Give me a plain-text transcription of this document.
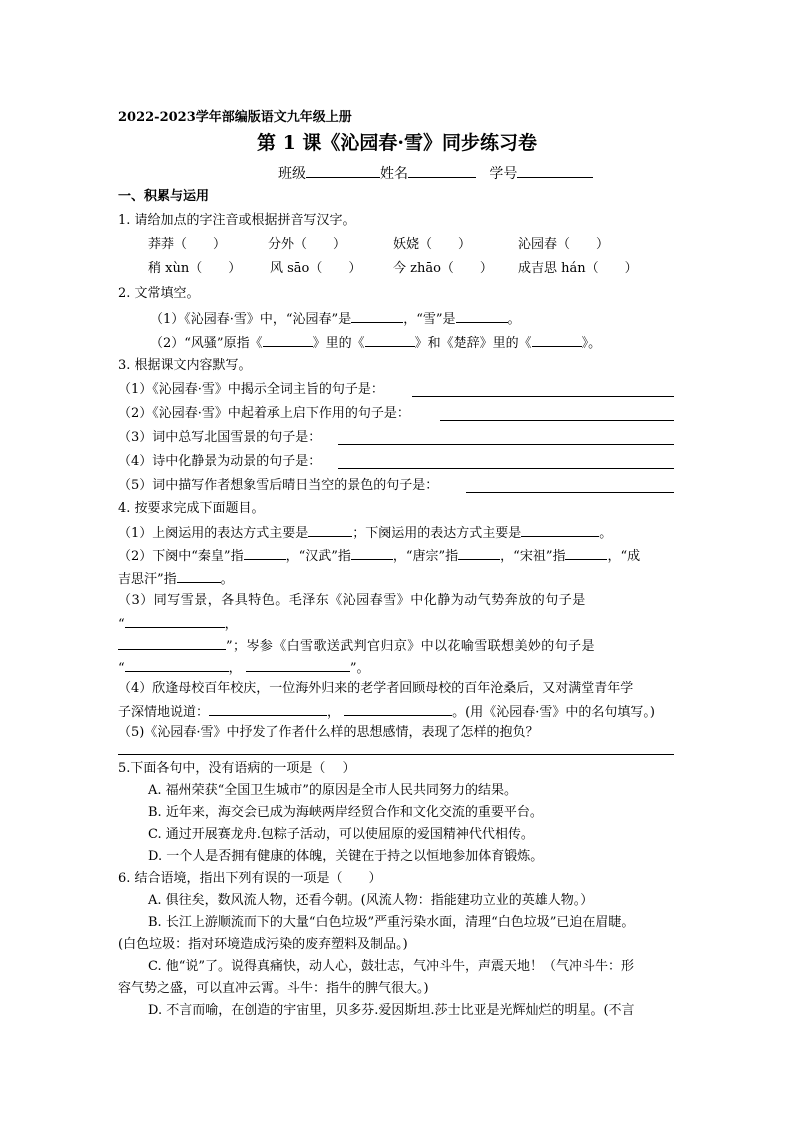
2022-2023学年部编版语文九年级上册
第 1 课《沁园春·雪》同步练习卷
班级	姓名	学号
一、积累与运用
1. 请给加点的字注音或根据拼音写汉字。
莽莽（　　）	分外（　　）	妖娆（　　）	沁园春（　　）
稍 xùn（　　） 风 sāo（　　） 今 zhāo（　　） 成吉思 hán（　　）
2. 文常填空。
（1）《沁园春·雪》中，“沁园春”是	，“雪”是	。
（2）“风骚”原指《	》里的《	》和《楚辞》里的《	》。
3. 根据课文内容默写。
（1）《沁园春·雪》中揭示全词主旨的句子是：
（2）《沁园春·雪》中起着承上启下作用的句子是：
（3）词中总写北国雪景的句子是：
（4）诗中化静景为动景的句子是：
（5）词中描写作者想象雪后晴日当空的景色的句子是：
4. 按要求完成下面题目。
（1）上阕运用的表达方式主要是	；下阕运用的表达方式主要是	。
（2）下阕中“秦皇”指	，“汉武”指	，“唐宗”指	，“宋祖”指	，“成
吉思汗”指	。
（3）同写雪景，各具特色。毛泽东《沁园春雪》中化静为动气势奔放的句子是
“	，
”；岑参《白雪歌送武判官归京》中以花喻雪联想美妙的句子是
“	，	”。
（4）欣逢母校百年校庆，一位海外归来的老学者回顾母校的百年沧桑后，又对满堂青年学
子深情地说道：	，	。(用《沁园春·雪》中的名句填写。)
（5)《沁园春·雪》中抒发了作者什么样的思想感情，表现了怎样的抱负？
5.下面各句中，没有语病的一项是（　 ）
A. 福州荣获“全国卫生城市”的原因是全市人民共同努力的结果。
B. 近年来，海交会已成为海峡两岸经贸合作和文化交流的重要平台。
C. 通过开展赛龙舟.包粽子活动，可以使屈原的爱国精神代代相传。
D. 一个人是否拥有健康的体魄，关键在于持之以恒地参加体育锻炼。
6. 结合语境，指出下列有误的一项是（　　）
A. 俱往矣，数风流人物，还看今朝。(风流人物：指能建功立业的英雄人物。）
B. 长江上游顺流而下的大量“白色垃圾”严重污染水面，清理“白色垃圾”已迫在眉睫。
(白色垃圾：指对环境造成污染的废弃塑料及制品。)
C. 他“说”了。说得真痛快，动人心，鼓壮志，气冲斗牛，声震天地！（气冲斗牛：形
容气势之盛，可以直冲云霄。斗牛：指牛的脾气很大。)
D. 不言而喻，在创造的宇宙里，贝多芬.爱因斯坦.莎士比亚是光辉灿烂的明星。(不言
